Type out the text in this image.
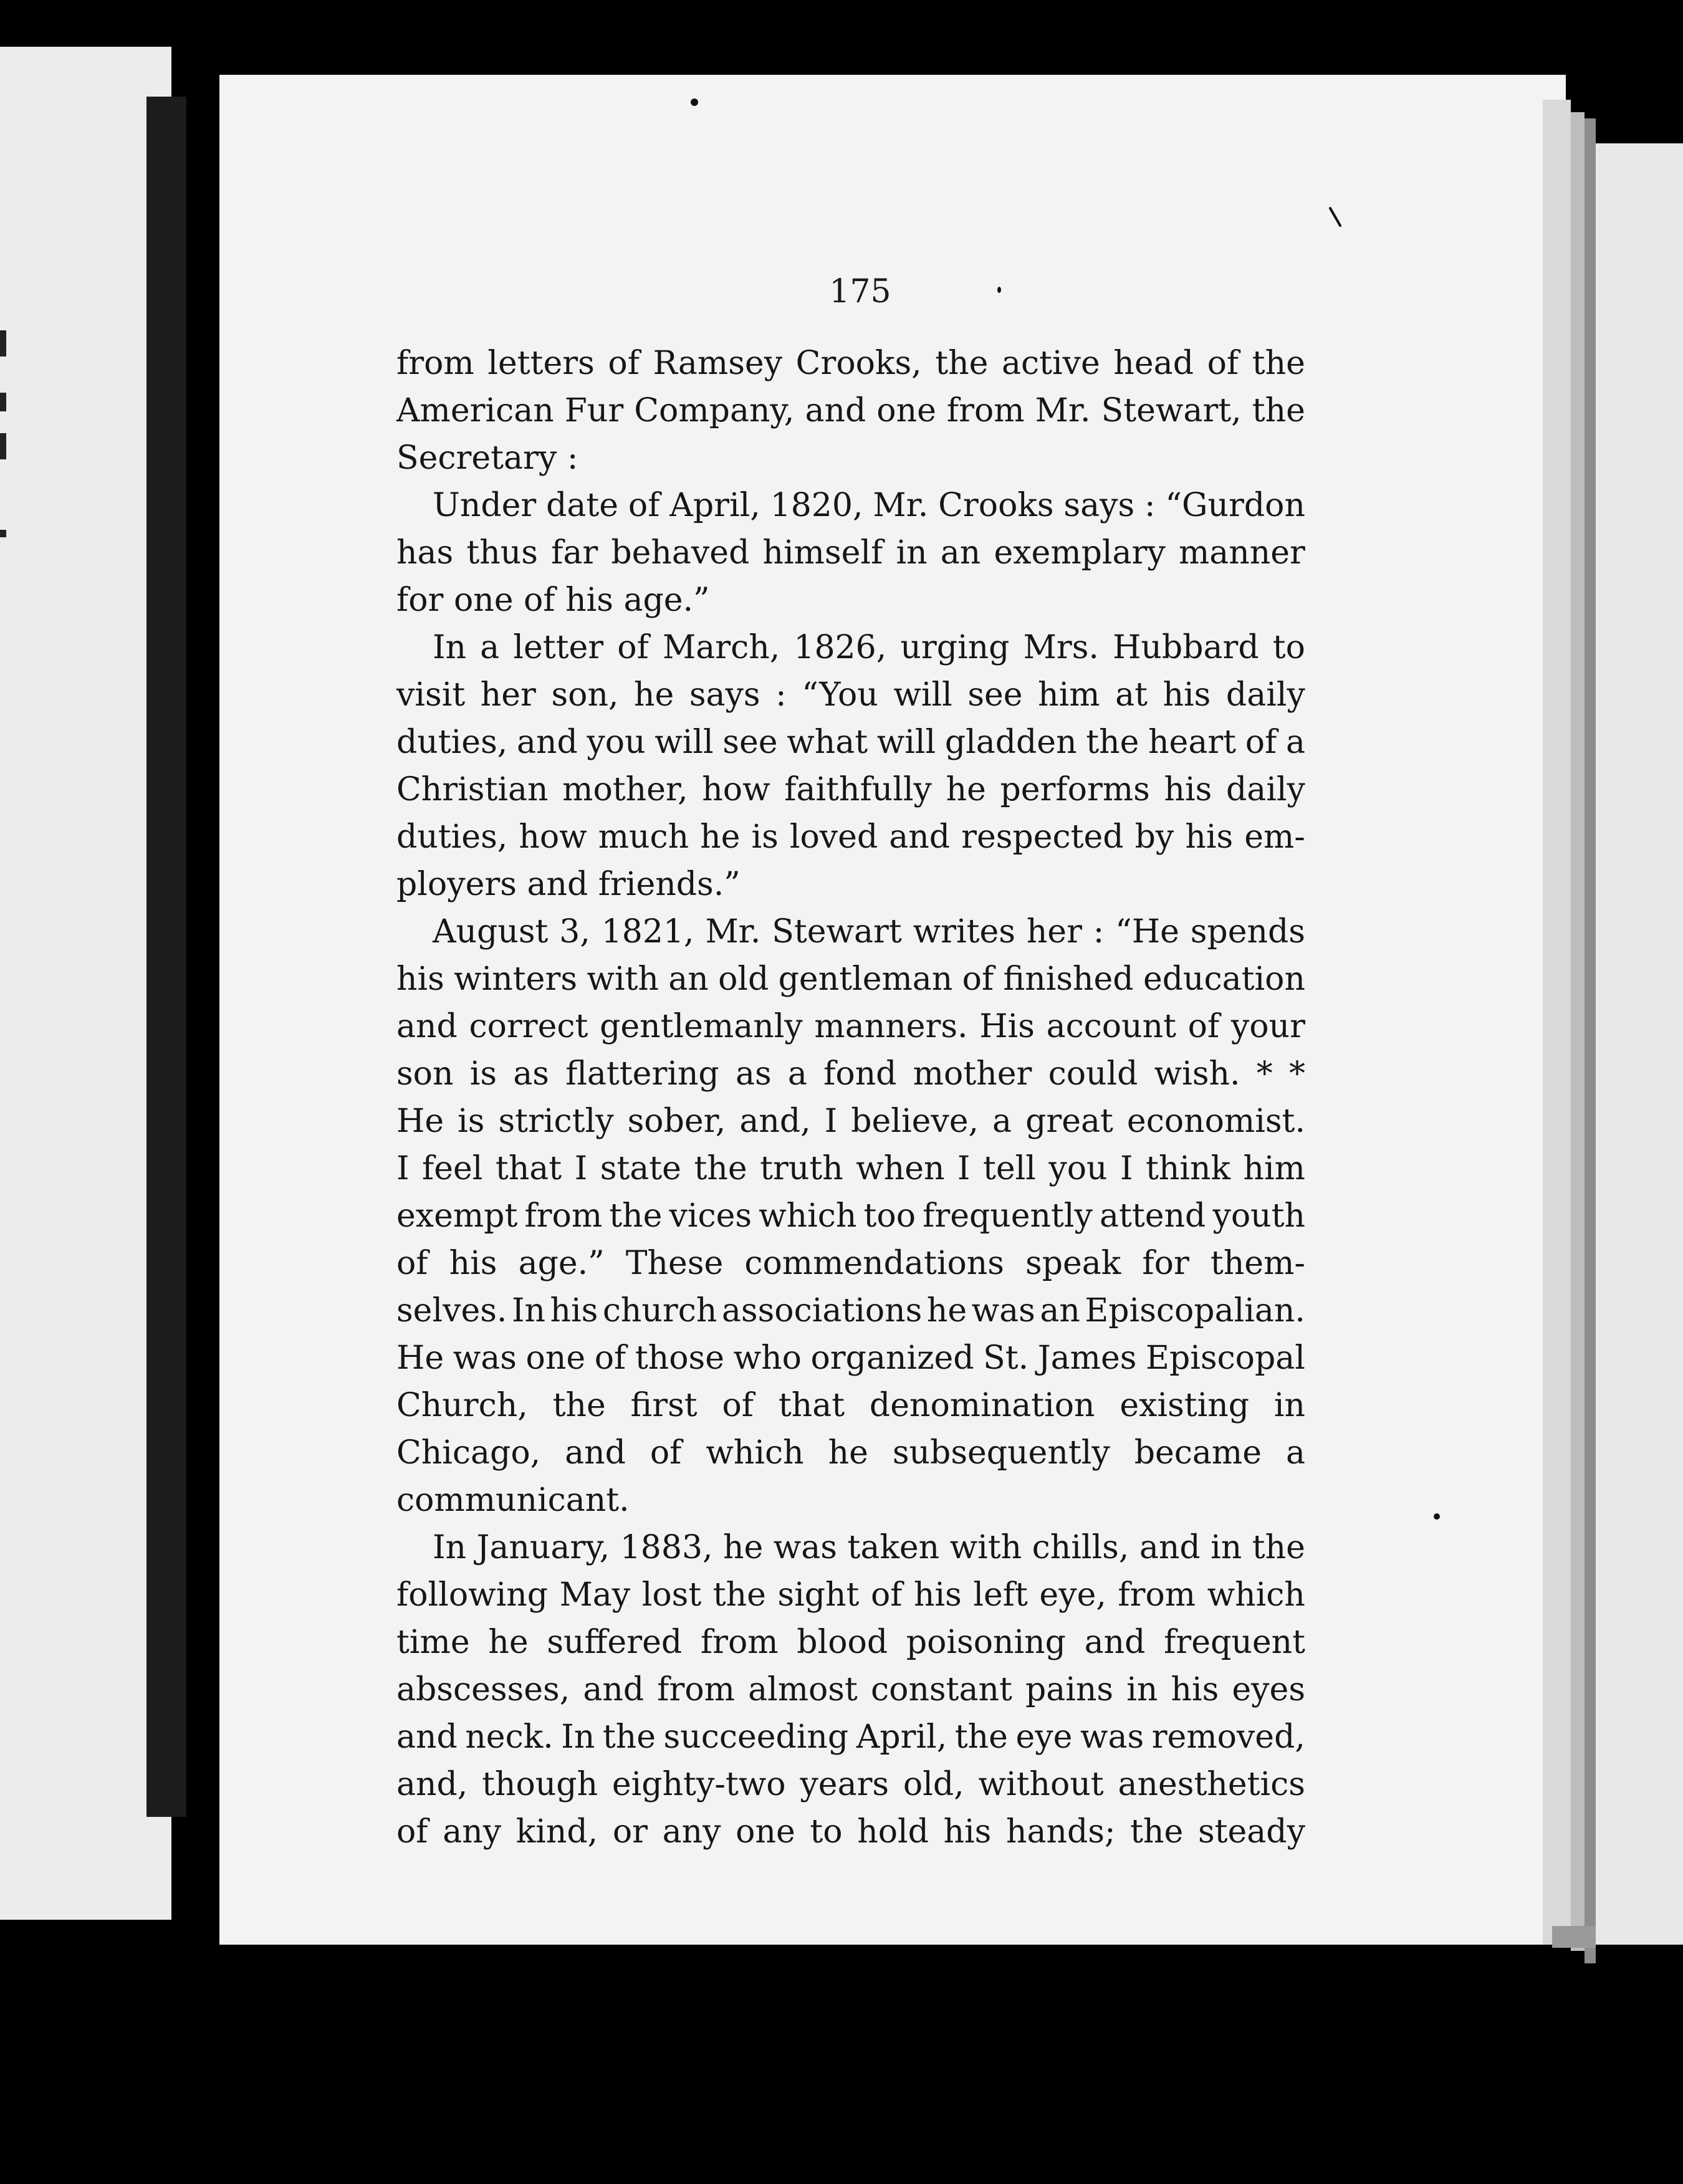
175
from letters of Ramsey Crooks, the active head of the
American Fur Company, and one from Mr. Stewart, the
Secretary :
Under date of April, 1820, Mr. Crooks says : “Gurdon
has thus far behaved himself in an exemplary manner
for one of his age.”
In a letter of March, 1826, urging Mrs. Hubbard to
visit her son, he says : “You will see him at his daily
duties, and you will see what will gladden the heart of a
Christian mother, how faithfully he performs his daily
duties, how much he is loved and respected by his em-
ployers and friends.”
August 3, 1821, Mr. Stewart writes her : “He spends
his winters with an old gentleman of finished education
and correct gentlemanly manners. His account of your
son is as flattering as a fond mother could wish. * *
He is strictly sober, and, I believe, a great economist.
I feel that I state the truth when I tell you I think him
exempt from the vices which too frequently attend youth
of his age.” These commendations speak for them-
selves. In his church associations he was an Episcopalian.
He was one of those who organized St. James Episcopal
Church, the first of that denomination existing in
Chicago, and of which he subsequently became a
communicant.
In January, 1883, he was taken with chills, and in the
following May lost the sight of his left eye, from which
time he suffered from blood poisoning and frequent
abscesses, and from almost constant pains in his eyes
and neck. In the succeeding April, the eye was removed,
and, though eighty-two years old, without anesthetics
of any kind, or any one to hold his hands; the steady
